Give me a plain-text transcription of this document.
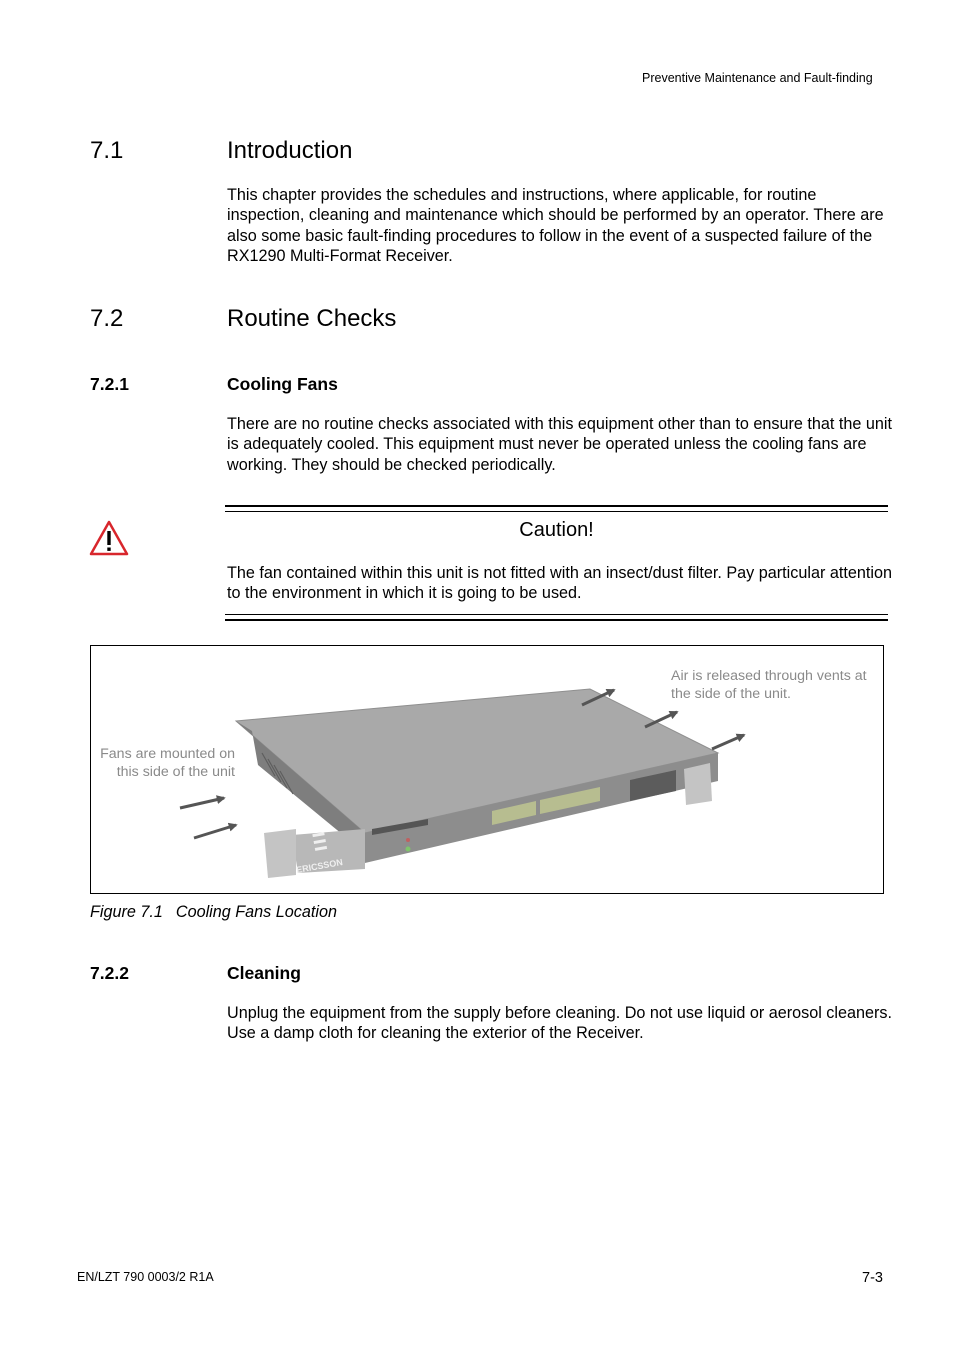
Preventive Maintenance and Fault-finding
7.1	Introduction
This chapter provides the schedules and instructions, where applicable, for routine inspection, cleaning and maintenance which should be performed by an operator. There are also some basic fault-finding procedures to follow in the event of a suspected failure of the RX1290 Multi-Format Receiver.
7.2	Routine Checks
7.2.1	Cooling Fans
There are no routine checks associated with this equipment other than to ensure that the unit is adequately cooled. This equipment must never be operated unless the cooling fans are working. They should be checked periodically.
Caution!
The fan contained within this unit is not fitted with an insect/dust filter. Pay particular attention to the environment in which it is going to be used.
Fans are mounted on this side of the unit
Air is released through vents at the side of the unit.
ERICSSON
Figure 7.1 Cooling Fans Location
7.2.2	Cleaning
Unplug the equipment from the supply before cleaning. Do not use liquid or aerosol cleaners. Use a damp cloth for cleaning the exterior of the Receiver.
EN/LZT 790 0003/2 R1A	7-3
